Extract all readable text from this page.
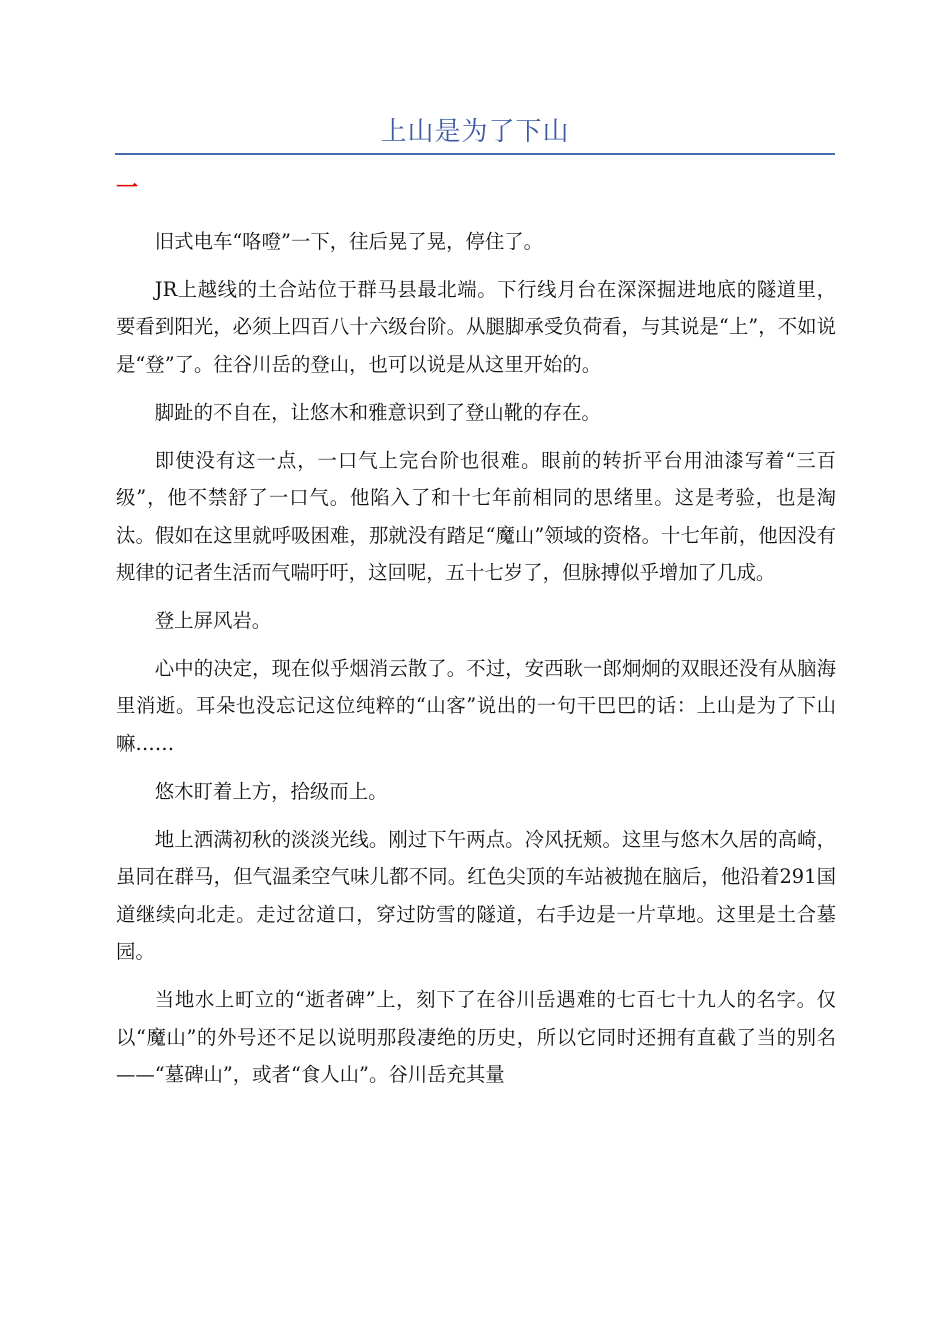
上山是为了下山
一

旧式电车“咯噔”一下，往后晃了晃，停住了。

JR上越线的土合站位于群马县最北端。下行线月台在深深掘进地底的隧道里，要看到阳光，必须上四百八十六级台阶。从腿脚承受负荷看，与其说是“上”，不如说是“登”了。往谷川岳的登山，也可以说是从这里开始的。

脚趾的不自在，让悠木和雅意识到了登山靴的存在。

即使没有这一点，一口气上完台阶也很难。眼前的转折平台用油漆写着“三百级”，他不禁舒了一口气。他陷入了和十七年前相同的思绪里。这是考验，也是淘汰。假如在这里就呼吸困难，那就没有踏足“魔山”领域的资格。十七年前，他因没有规律的记者生活而气喘吁吁，这回呢，五十七岁了，但脉搏似乎增加了几成。

登上屏风岩。

心中的决定，现在似乎烟消云散了。不过，安西耿一郎炯炯的双眼还没有从脑海里消逝。耳朵也没忘记这位纯粹的“山客”说出的一句干巴巴的话：上山是为了下山嘛……

悠木盯着上方，拾级而上。

地上洒满初秋的淡淡光线。刚过下午两点。冷风抚颊。这里与悠木久居的高崎，虽同在群马，但气温柔空气味儿都不同。红色尖顶的车站被抛在脑后，他沿着291国道继续向北走。走过岔道口，穿过防雪的隧道，右手边是一片草地。这里是土合墓园。

当地水上町立的“逝者碑”上，刻下了在谷川岳遇难的七百七十九人的名字。仅以“魔山”的外号还不足以说明那段凄绝的历史，所以它同时还拥有直截了当的别名——“墓碑山”，或者“食人山”。谷川岳充其量
